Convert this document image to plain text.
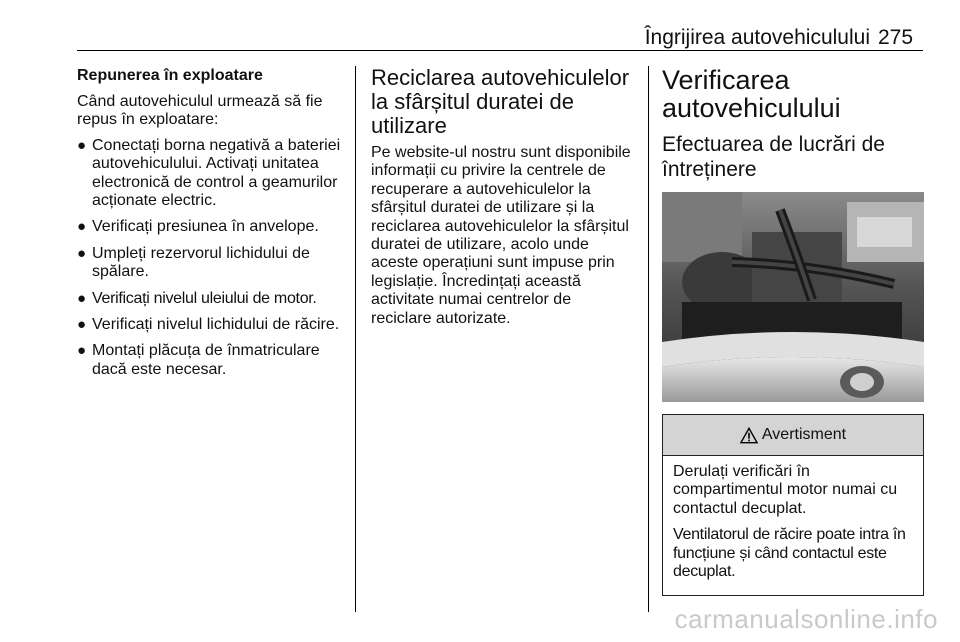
Îngrijirea autovehiculului 275
Repunerea în exploatare

Când autovehiculul urmează să fie repus în exploatare:

● Conectați borna negativă a bateriei autovehiculului. Activați unitatea electronică de control a geamurilor acționate electric.
● Verificați presiunea în anvelope.
● Umpleți rezervorul lichidului de spălare.
● Verificați nivelul uleiului de motor.
● Verificați nivelul lichidului de răcire.
● Montați plăcuța de înmatriculare dacă este necesar.
Reciclarea autovehiculelor la sfârșitul duratei de utilizare

Pe website-ul nostru sunt disponibile informații cu privire la centrele de recuperare a autovehiculelor la sfârșitul duratei de utilizare și la reciclarea autovehiculelor la sfârșitul duratei de utilizare, acolo unde aceste operațiuni sunt impuse prin legislație. Încredințați această activitate numai centrelor de reciclare autorizate.

Verificarea autovehiculului
Efectuarea de lucrări de întreținere
Avertisment

Derulați verificări în compartimentul motor numai cu contactul decuplat.

Ventilatorul de răcire poate intra în funcțiune și când contactul este decuplat.

carmanualsonline.info
